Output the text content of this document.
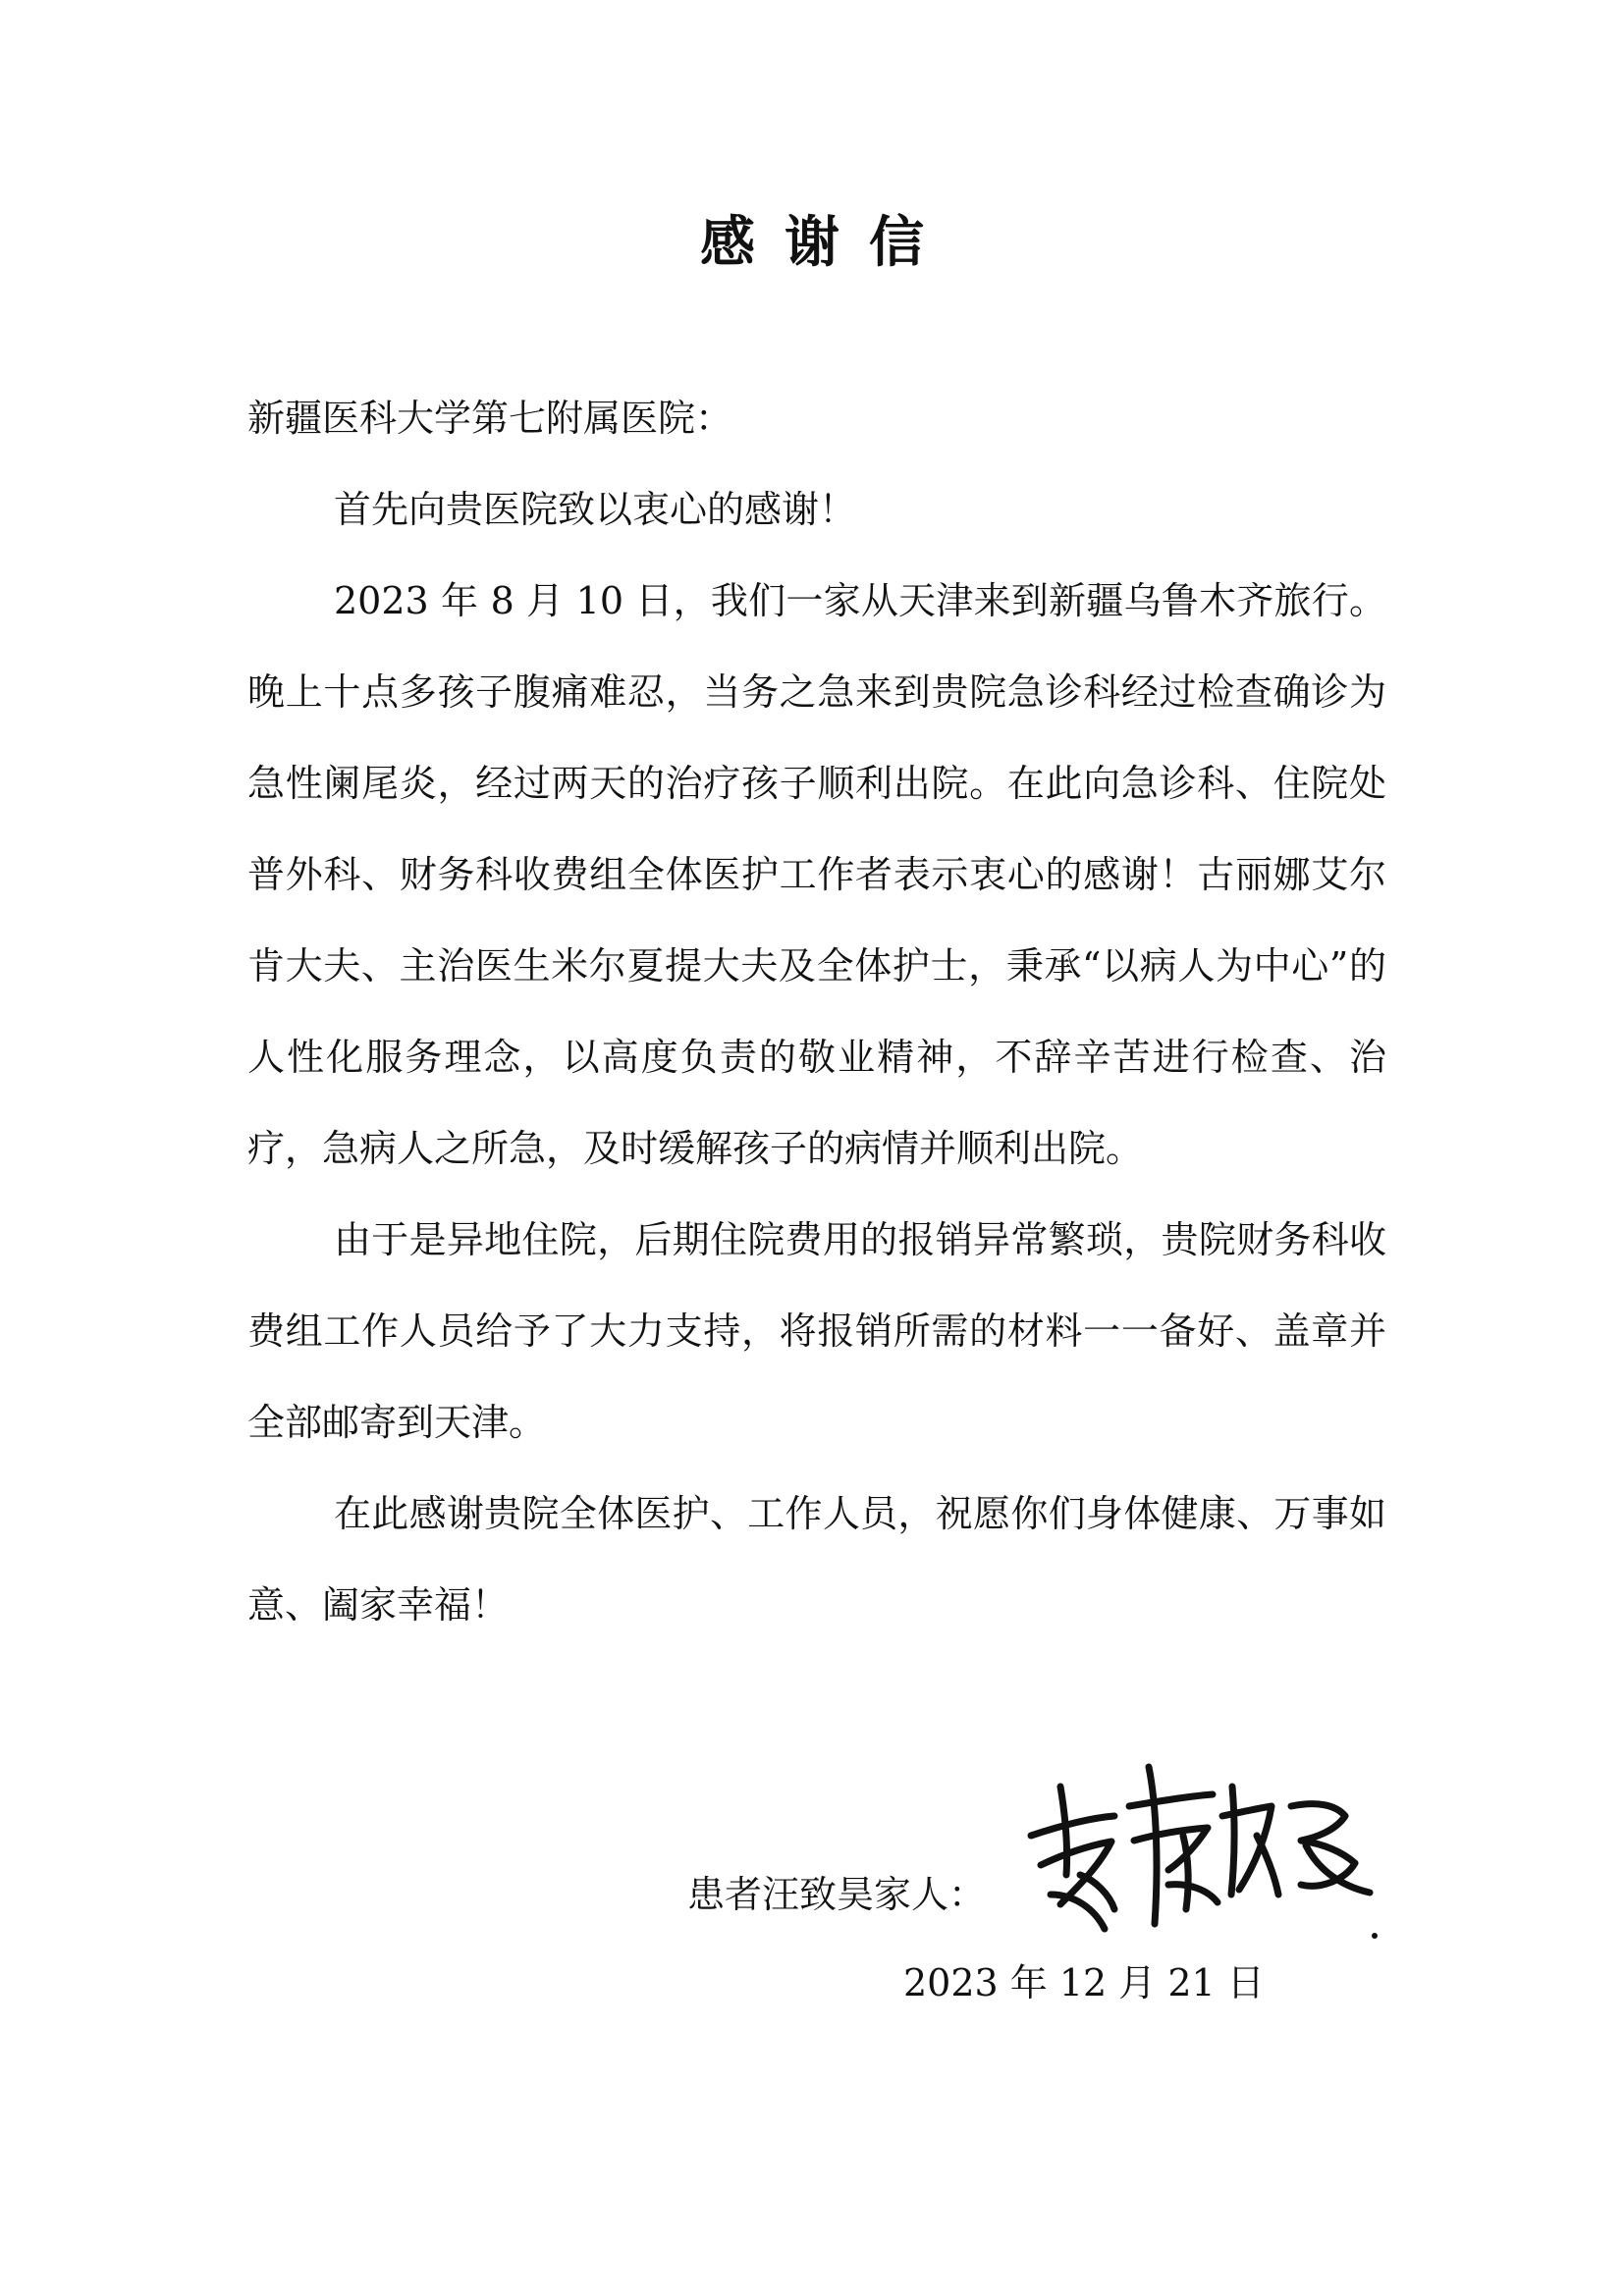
感谢信

新疆医科大学第七附属医院：

首先向贵医院致以衷心的感谢！

2023 年 8 月 10 日，我们一家从天津来到新疆乌鲁木齐旅行。晚上十点多孩子腹痛难忍，当务之急来到贵院急诊科经过检查确诊为急性阑尾炎，经过两天的治疗孩子顺利出院。在此向急诊科、住院处普外科、财务科收费组全体医护工作者表示衷心的感谢！古丽娜艾尔肯大夫、主治医生米尔夏提大夫及全体护士，秉承“以病人为中心”的人性化服务理念，以高度负责的敬业精神，不辞辛苦进行检查、治疗，急病人之所急，及时缓解孩子的病情并顺利出院。

由于是异地住院，后期住院费用的报销异常繁琐，贵院财务科收费组工作人员给予了大力支持，将报销所需的材料一一备好、盖章并全部邮寄到天津。

在此感谢贵院全体医护、工作人员，祝愿你们身体健康、万事如意、阖家幸福！

患者汪致昊家人：
2023 年 12 月 21 日
